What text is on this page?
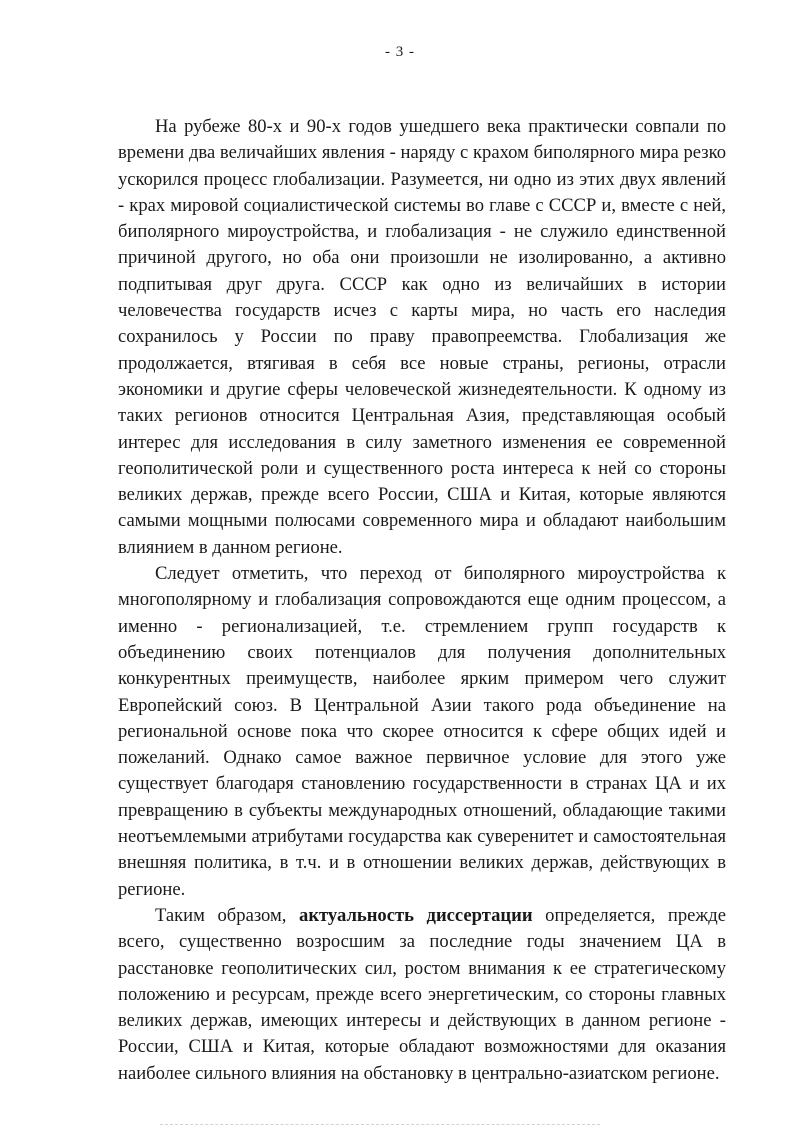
- 3 -

На рубеже 80-х и 90-х годов ушедшего века практически совпали по времени два величайших явления - наряду с крахом биполярного мира резко ускорился процесс глобализации. Разумеется, ни одно из этих двух явлений - крах мировой социалистической системы во главе с СССР и, вместе с ней, биполярного мироустройства, и глобализация - не служило единственной причиной другого, но оба они произошли не изолированно, а активно подпитывая друг друга. СССР как одно из величайших в истории человечества государств исчез с карты мира, но часть его наследия сохранилось у России по праву правопреемства. Глобализация же продолжается, втягивая в себя все новые страны, регионы, отрасли экономики и другие сферы человеческой жизнедеятельности. К одному из таких регионов относится Центральная Азия, представляющая особый интерес для исследования в силу заметного изменения ее современной геополитической роли и существенного роста интереса к ней со стороны великих держав, прежде всего России, США и Китая, которые являются самыми мощными полюсами современного мира и обладают наибольшим влиянием в данном регионе.

Следует отметить, что переход от биполярного мироустройства к многополярному и глобализация сопровождаются еще одним процессом, а именно - регионализацией, т.е. стремлением групп государств к объединению своих потенциалов для получения дополнительных конкурентных преимуществ, наиболее ярким примером чего служит Европейский союз. В Центральной Азии такого рода объединение на региональной основе пока что скорее относится к сфере общих идей и пожеланий. Однако самое важное первичное условие для этого уже существует благодаря становлению государственности в странах ЦА и их превращению в субъекты международных отношений, обладающие такими неотъемлемыми атрибутами государства как суверенитет и самостоятельная внешняя политика, в т.ч. и в отношении великих держав, действующих в регионе.

Таким образом, актуальность диссертации определяется, прежде всего, существенно возросшим за последние годы значением ЦА в расстановке геополитических сил, ростом внимания к ее стратегическому положению и ресурсам, прежде всего энергетическим, со стороны главных великих держав, имеющих интересы и действующих в данном регионе - России, США и Китая, которые обладают возможностями для оказания наиболее сильного влияния на обстановку в центрально-азиатском регионе.
